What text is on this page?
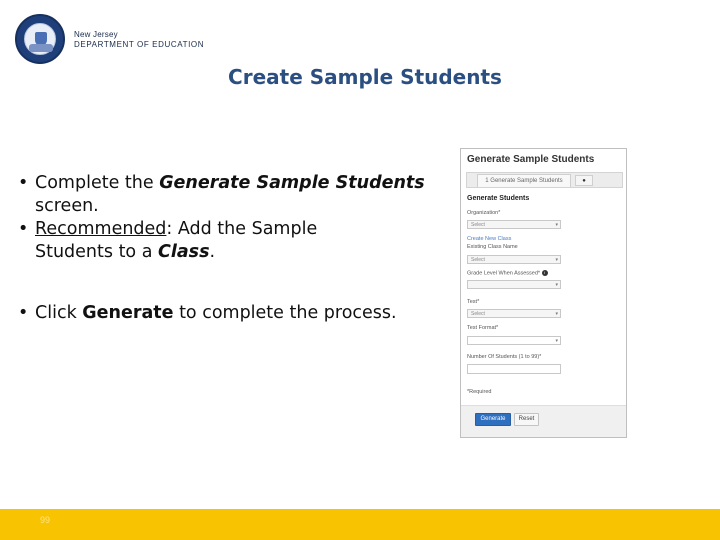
New Jersey
DEPARTMENT OF EDUCATION
Create Sample Students
• Complete the Generate Sample Students
screen.
• Recommended: Add the Sample
Students to a Class.
• Click Generate to complete the process.
Generate Sample Students
1 Generate Sample Students	●
Generate Students
Organization*
Select	▾
Create New Class
Existing Class Name
Select	▾
Grade Level When Assessed* i
▾
Test*
Select	▾
Test Format*
▾
Number Of Students (1 to 99)*
*Required
Generate	Reset
99
